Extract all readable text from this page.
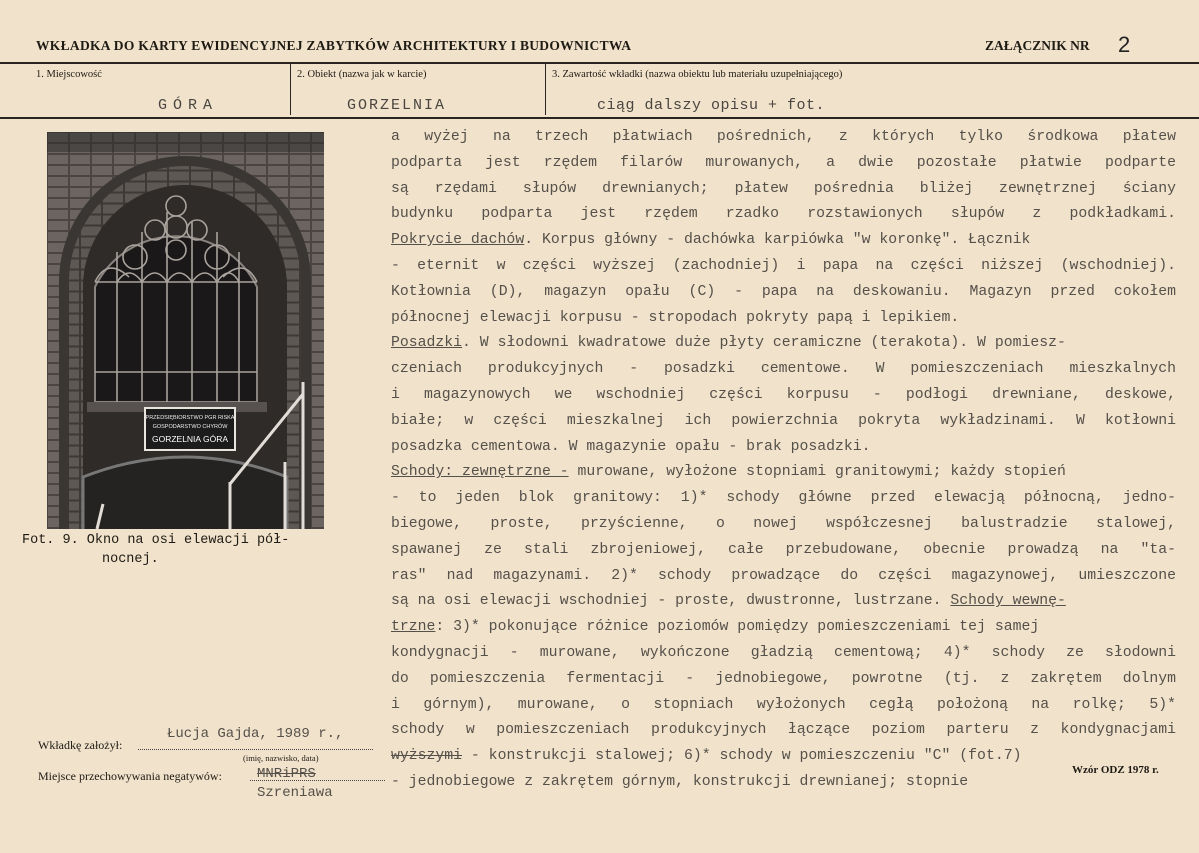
WKŁADKA DO KARTY EWIDENCYJNEJ ZABYTKÓW ARCHITEKTURY I BUDOWNICTWA	ZAŁĄCZNIK NR 2
1. Miejscowość	2. Obiekt (nazwa jak w karcie)	3. Zawartość wkładki (nazwa obiektu lub materiału uzupełniającego)
GÓRA	GORZELNIA	ciąg dalszy opisu + fot.
PRZEDSIĘBIORSTWO PGR RISKA
GOSPODARSTWO CHYRÓW
GORZELNIA GÓRA
Fot. 9. Okno na osi elewacji pół-
nocnej.
a wyżej na trzech płatwiach pośrednich, z których tylko środkowa płatew
podparta jest rzędem filarów murowanych, a dwie pozostałe płatwie podparte
są rzędami słupów drewnianych; płatew pośrednia bliżej zewnętrznej ściany
budynku podparta jest rzędem rzadko rozstawionych słupów z podkładkami.
Pokrycie dachów. Korpus główny - dachówka karpiówka "w koronkę". Łącznik
- eternit w części wyższej (zachodniej) i papa na części niższej (wschodniej).
Kotłownia (D), magazyn opału (C) - papa na deskowaniu. Magazyn przed cokołem
północnej elewacji korpusu - stropodach pokryty papą i lepikiem.
Posadzki. W słodowni kwadratowe duże płyty ceramiczne (terakota). W pomiesz-
czeniach produkcyjnych - posadzki cementowe. W pomieszczeniach mieszkalnych
i magazynowych we wschodniej części korpusu - podłogi drewniane, deskowe,
białe; w części mieszkalnej ich powierzchnia pokryta wykładzinami. W kotłowni
posadzka cementowa. W magazynie opału - brak posadzki.
Schody: zewnętrzne - murowane, wyłożone stopniami granitowymi; każdy stopień
- to jeden blok granitowy: 1)* schody główne przed elewacją północną, jedno-
biegowe, proste, przyścienne, o nowej współczesnej balustradzie stalowej,
spawanej ze stali zbrojeniowej, całe przebudowane, obecnie prowadzą na "ta-
ras" nad magazynami. 2)* schody prowadzące do części magazynowej, umieszczone
są na osi elewacji wschodniej - proste, dwustronne, lustrzane. Schody wewnę-
trzne: 3)* pokonujące różnice poziomów pomiędzy pomieszczeniami tej samej
kondygnacji - murowane, wykończone gładzią cementową; 4)* schody ze słodowni
do pomieszczenia fermentacji - jednobiegowe, powrotne (tj. z zakrętem dolnym
i górnym), murowane, o stopniach wyłożonych cegłą położoną na rolkę; 5)*
schody w pomieszczeniach produkcyjnych łączące poziom parteru z kondygnacjami
wyższymi - konstrukcji stalowej; 6)* schody w pomieszczeniu "C" (fot.7)
- jednobiegowe z zakrętem górnym, konstrukcji drewnianej; stopnie
Wkładkę założył:
Łucja Gajda, 1989 r.,
(imię, nazwisko, data)
Miejsce przechowywania negatywów:	MNRiPRS
Szreniawa
Wzór ODZ 1978 r.
